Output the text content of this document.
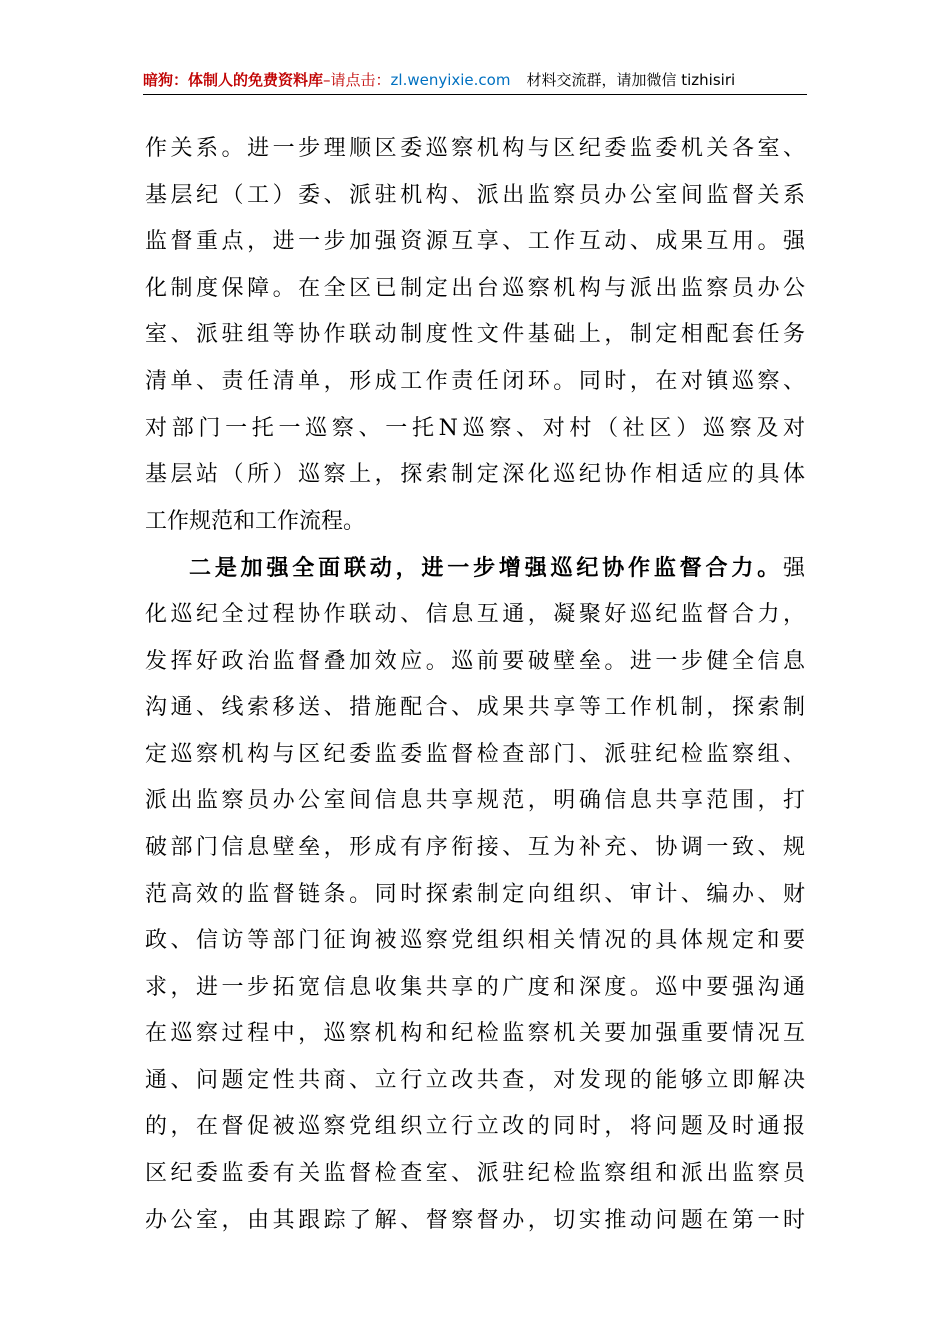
暗狗：体制人的免费资料库–请点击：zl.wenyixie.com 材料交流群，请加微信 tizhisiri
作关系。进一步理顺区委巡察机构与区纪委监委机关各室、
基层纪（工）委、派驻机构、派出监察员办公室间监督关系
监督重点，进一步加强资源互享、工作互动、成果互用。强
化制度保障。在全区已制定出台巡察机构与派出监察员办公
室、派驻组等协作联动制度性文件基础上，制定相配套任务
清单、责任清单，形成工作责任闭环。同时，在对镇巡察、
对部门一托一巡察、一托N巡察、对村（社区）巡察及对
基层站（所）巡察上，探索制定深化巡纪协作相适应的具体
工作规范和工作流程。
二是加强全面联动，进一步增强巡纪协作监督合力。强
化巡纪全过程协作联动、信息互通，凝聚好巡纪监督合力，
发挥好政治监督叠加效应。巡前要破壁垒。进一步健全信息
沟通、线索移送、措施配合、成果共享等工作机制，探索制
定巡察机构与区纪委监委监督检查部门、派驻纪检监察组、
派出监察员办公室间信息共享规范，明确信息共享范围，打
破部门信息壁垒，形成有序衔接、互为补充、协调一致、规
范高效的监督链条。同时探索制定向组织、审计、编办、财
政、信访等部门征询被巡察党组织相关情况的具体规定和要
求，进一步拓宽信息收集共享的广度和深度。巡中要强沟通
在巡察过程中，巡察机构和纪检监察机关要加强重要情况互
通、问题定性共商、立行立改共查，对发现的能够立即解决
的，在督促被巡察党组织立行立改的同时，将问题及时通报
区纪委监委有关监督检查室、派驻纪检监察组和派出监察员
办公室，由其跟踪了解、督察督办，切实推动问题在第一时
